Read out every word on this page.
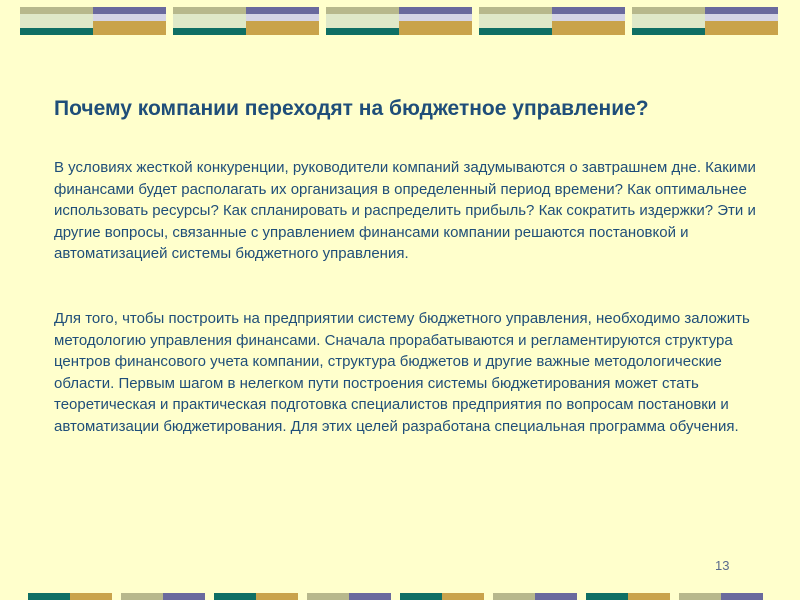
Почему компании переходят на бюджетное управление?

В условиях жесткой конкуренции, руководители компаний задумываются о завтрашнем дне. Какими финансами будет располагать их организация в определенный период времени? Как оптимальнее использовать ресурсы? Как спланировать и распределить прибыль? Как сократить издержки? Эти и другие вопросы, связанные с управлением финансами компании решаются постановкой и автоматизацией системы бюджетного управления.

Для того, чтобы построить на предприятии систему бюджетного управления, необходимо заложить методологию управления финансами. Сначала прорабатываются и регламентируются структура центров финансового учета компании, структура бюджетов и другие важные методологические области. Первым шагом в нелегком пути построения системы бюджетирования может стать теоретическая и практическая подготовка специалистов предприятия по вопросам постановки и автоматизации бюджетирования. Для этих целей разработана специальная программа обучения.

13
